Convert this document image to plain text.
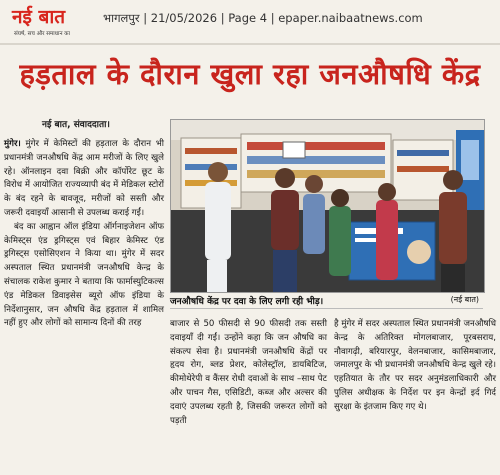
नई बात
संघर्ष, सच और समाधान का
भागलपुर | 21/05/2026 | Page 4 | epaper.naibaatnews.com
हड़ताल के दौरान खुला रहा जनऔषधि केंद्र
नई बात, संवाददाता।

मुंगेर। मुंगेर में केमिस्टों की हड़ताल के दौरान भी प्रधानमंत्री जनऔषधि केंद्र आम मरीजों के लिए खुले रहे। ऑनलाइन दवा बिक्री और कॉर्पोरेट छूट के विरोध में आयोजित राज्यव्यापी बंद में मेडिकल स्टोरों के बंद रहने के बावजूद, मरीजों को सस्ती और जरूरी दवाइयाँ आसानी से उपलब्ध कराई गईं।

बंद का आह्वान ऑल इंडिया ऑर्गनाइजेशन ऑफ केमिस्ट्स एंड ड्रगिस्ट्स एवं बिहार केमिस्ट एंड ड्रगिस्ट्स एसोसिएशन ने किया था। मुंगेर में सदर अस्पताल स्थित प्रधानमंत्री जनऔषधि केन्द्र के संचालक राकेश कुमार ने बताया कि फार्मास्युटिकल्स एंड मेडिकल डिवाइसेस ब्यूरो ऑफ इंडिया के निर्देशानुसार, जन औषधि केंद्र हड़ताल में शामिल नहीं हुए और लोगों को सामान्य दिनों की तरह

जनऔषधि केंद्र पर दवा के लिए लगी रही भीड़।	(नई बात)

बाजार से 50 फीसदी से 90 फीसदी तक सस्ती दवाइयाँ दी गईं। उन्होंने कहा कि जन औषधि का संकल्प सेवा है। प्रधानमंत्री जनऔषधि केंद्रों पर हृदय रोग, ब्लड प्रेशर, कोलेस्ट्रॉल, डायबिटिज, कीमोथेरेपी व कैंसर रोधी दवाओं के साथ –साथ पेट और पाचन गैस, एसिडिटी, कब्ज और अल्सर की दवाएं उपलब्ध रहती है, जिसकी जरूरत लोगों को पड़ती

है मुंगेर में सदर अस्पताल स्थित प्रधानमंत्री जनऔषधि केन्द्र के अतिरिक्त मोगलबाजार, पूरबसराय, नौवागढ़ी, बरियारपुर, वेलनबाजार, कासिमबाजार, जमालपुर के भी प्रधानमंत्री जनऔषधि केन्द्र खुले रहे। एहतियात के तौर पर सदर अनुमंडलाधिकारी और पुलिस अधीक्षक के निर्देश पर इन केन्द्रों इर्द गिर्द सुरक्षा के इंतजाम किए गए थे।
